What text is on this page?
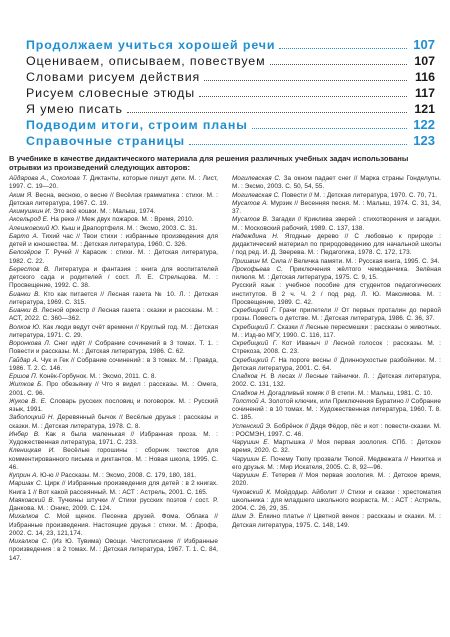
Продолжаем учиться хорошей речи	107
Оцениваем, описываем, повествуем	107
Словами рисуем действия	116
Рисуем словесные этюды	117
Я умею писать	121
Подводим итоги, строим планы	122
Справочные страницы	123
В учебнике в качестве дидактического материала для решения различных учебных задач использованы отрывки из произведений следующих авторов:

Айдарова А., Соколова Т. Диктанты, которые пишут дети. М. : Лист, 1997. С. 19—20.

Аким Я. Весна, весною, о весне // Весёлая грамматика : стихи. М. : Детская литература, 1967. С. 19.

Акимушкин И. Это всё кошки. М. : Малыш, 1974.

Аксельрод Е. На реке // Меж двух пожаров. М. : Время, 2010.

Алешковский Ю. Кыш и Двапортфеля. М. : Эксмо, 2003. С. 31.

Барто А. Тихий час // Твои стихи : избранные произведения для детей и юношества. М. : Детская литература, 1960. С. 326.

Белозёров Т. Ручей // Карасик : стихи. М. : Детская литература, 1982. С. 22.

Берестов В. Литература и фантазия : книга для воспитателей детского сада и родителей / сост. Л. Е. Стрельцова. М. : Просвещение, 1992. С. 38.

Бианки В. Кто как питается // Лесная газета № 10. Л. : Детская литература, 1969. С. 315.

Бианки В. Лесной оркестр // Лесная газета : сказки и рассказы. М. : АСТ, 2022. С. 360—362.

Волков Ю. Как люди ведут счёт времени // Круглый год. М. : Детская литература, 1971. С. 29.

Воронкова Л. Снег идёт // Собрание сочинений в 3 томах. Т. 1. : Повести и рассказы. М. : Детская литература, 1986. С. 62.

Гайдар А. Чук и Гек // Собрание сочинений : в 3 томах. М. : Правда, 1986. Т. 2. С. 146.

Ершов П. Конёк-Горбунок. М. : Эксмо, 2011. С. 8.

Житков Б. Про обезьянку // Что я видел : рассказы. М. : Омега, 2001. С. 96.

Жуков В. Е. Словарь русских пословиц и поговорок. М. : Русский язык, 1991.

Заболоцкий Н. Деревянный бычок // Весёлые друзья : рассказы и сказки. М. : Детская литература, 1978. С. 8.

Инбер В. Как я была маленькая // Избранная проза. М. : Художественная литература, 1971. С. 233.

Кленицкая И. Весёлые горошины : сборник текстов для комментированного письма и диктантов. М. : Новая школа, 1995. С. 46.

Куприн А. Ю-ю // Рассказы. М. : Эксмо, 2008. С. 179, 180, 181.

Маршак С. Цирк // Избранные произведения для детей : в 2 книгах. Книга 1 // Вот какой рассеянный. М. : АСТ : Астрель, 2001. С. 165.

Маяковский В. Тучкины штучки // Стихи русских поэтов / сост. Р. Данкова. М. : Оникс, 2009. С. 124.

Михалков С. Мой щенок. Песенка друзей. Фома. Облака // Избранные произведения. Настоящие друзья : стихи. М. : Дрофа, 2002. С. 14, 23, 121,174.

Михалков С. (Из Ю. Тувима) Овощи. Чистописание // Избранные произведения : в 2 томах. М. : Детская литература, 1967. Т. 1. С. 84, 147.

Могилевская С. За окном падает снег // Марка страны Гонделупы. М. : Эксмо, 2003. С. 50, 54, 55.

Могилевская С. Повести // М. : Детская литература, 1970. С. 70, 71.

Мусатов А. Мурзик // Весенняя песня. М. : Малыш, 1974. С. 31, 34, 37.

Мусатов В. Загадки // Криклива зверей : стихотворения и загадки. М. : Московский рабочий, 1989. С. 137, 138.

Надеждина Н. Ягодные дерево // С любовью к природе : дидактический материал по природоведению для начальной школы / под ред. И. Д. Зверева. М. : Педагогика, 1978. С. 172, 173.

Пришвин М. Сила // Величка памяти. М. : Русская книга, 1995. С. 34.

Прокофьева С. Приключения жёлтого чемоданчика. Зелёная пилюля. М. : Детская литература, 1975. С. 9, 15.

Русский язык : учебное пособие для студентов педагогических институтов. В 2 ч. Ч. 2 / под ред. Л. Ю. Максимова. М. : Просвещение, 1989. С. 42.

Скребицкий Г. Грачи прилетели // От первых проталин до первой грозы. Повесть о детстве. М. : Детская литература, 1986. С. 36, 37.

Скребицкий Г. Сказки // Лесные пересмешки : рассказы о животных. М. : Изд-во МГУ, 1990. С. 116, 117.

Скребицкий Г. Кот Иваныч // Лесной голосок : рассказы. М. : Стрекоза, 2008. С. 23.

Скребицкий Г. На пороге весны // Длинноухостые разбойники. М. : Детская литература, 2001. С. 64.

Сладков Н. В лесах // Лесные тайнички. Л. : Детская литература, 2002. С. 131, 132.

Сладков Н. Догадливый хомяк // В степи. М. : Малыш, 1981. С. 10.

Толстой А. Золотой ключик, или Приключения Буратино // Собрание сочинений : в 10 томах. М. : Художественная литература, 1960. Т. 8. С. 185.

Успенский Э. Бобрёнок // Дядя Фёдор, пёс и кот : повести-сказки. М. : РОСМЭН, 1997. С. 46.

Чарушин Е. Мартышка // Моя первая зоология. СПб. : Детское время, 2020. С. 32.

Чарушин Е. Почему Тюпу прозвали Тюпой. Медвежата // Никитка и его друзья. М. : Мир Искателя, 2005. С. 8, 92—96.

Чарушин Е. Тетерев // Моя первая зоология. М. : Детское время, 2020.

Чуковский К. Мойдодыр. Айболит // Стихи и сказки : хрестоматия школьника : для младшего школьного возраста. М. : АСТ : Астрель, 2004. С. 26, 29, 35.

Шим Э. Ёлкино платье // Цветной венок : рассказы и сказки. М. : Детская литература, 1975. С. 148, 149.
